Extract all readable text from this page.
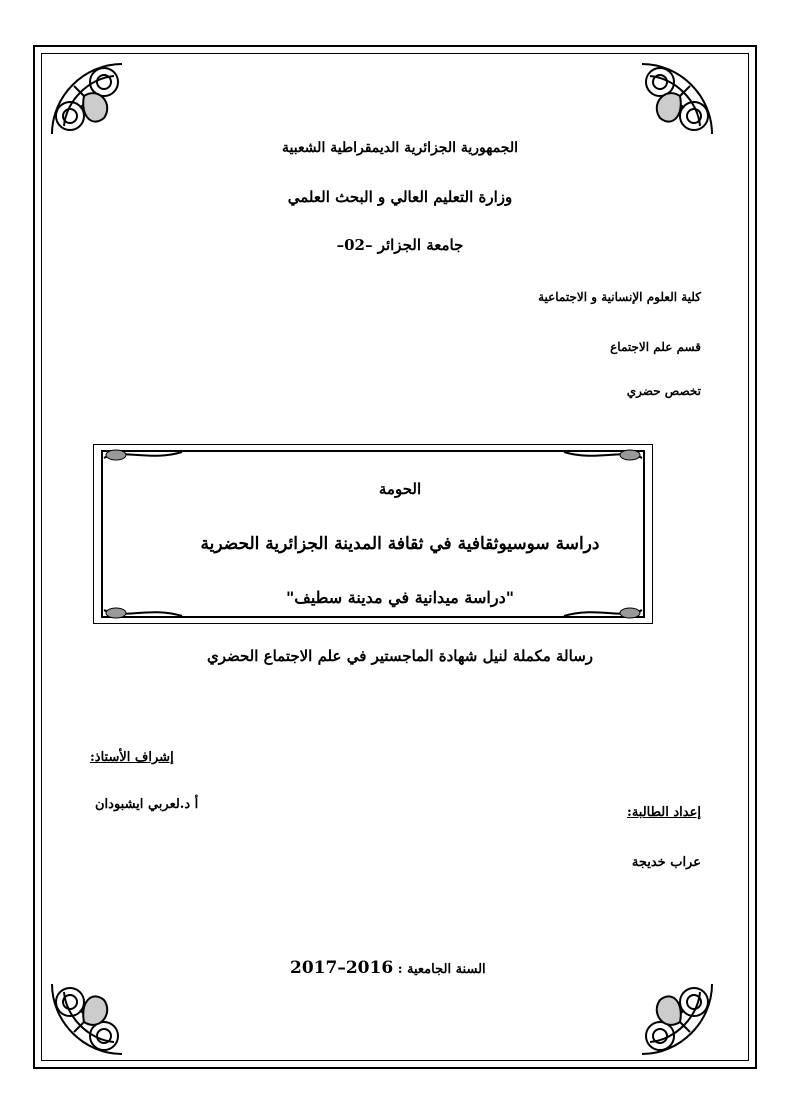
الجمهورية الجزائرية الديمقراطية الشعبية
وزارة التعليم العالي و البحث العلمي
جامعة الجزائر –02–
كلية العلوم الإنسانية و الاجتماعية
قسم علم الاجتماع
تخصص حضري
الحومة
دراسة سوسيوثقافية في ثقافة المدينة الجزائرية الحضرية
"دراسة ميدانية في مدينة سطيف"
رسالة مكملة لنيل شهادة الماجستير في علم الاجتماع الحضري
إشراف الأستاذ:
أ د.لعربي ايشبودان
إعداد الطالبة:
عراب خديجة
السنة الجامعية : 2016–2017
